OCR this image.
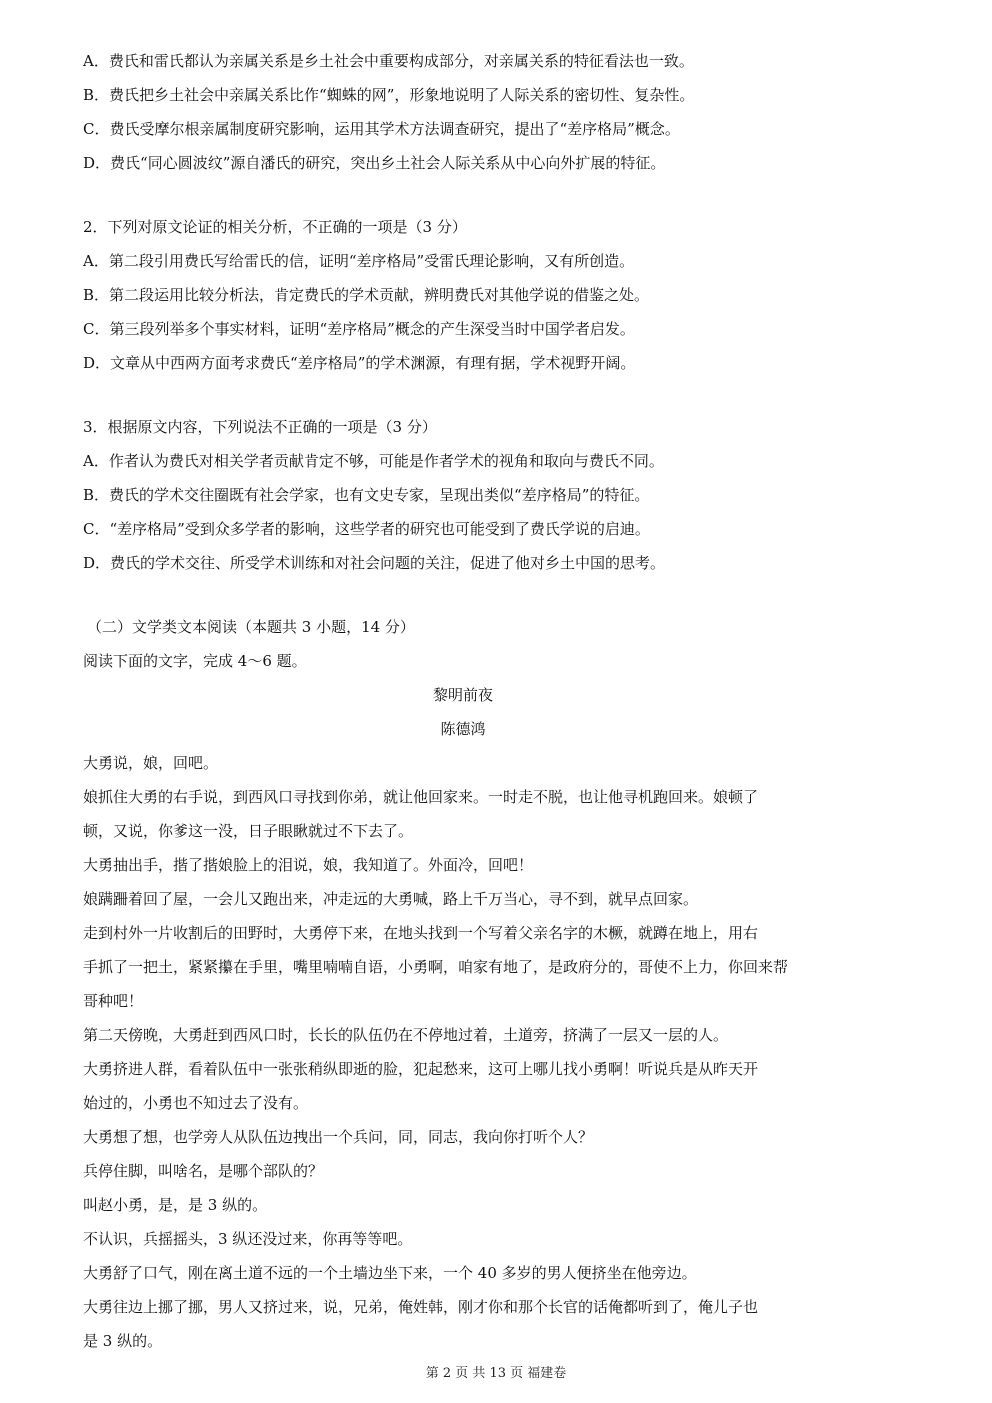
A．费氏和雷氏都认为亲属关系是乡土社会中重要构成部分，对亲属关系的特征看法也一致。
B．费氏把乡土社会中亲属关系比作“蜘蛛的网”，形象地说明了人际关系的密切性、复杂性。
C．费氏受摩尔根亲属制度研究影响，运用其学术方法调查研究，提出了“差序格局”概念。
D．费氏“同心圆波纹”源自潘氏的研究，突出乡土社会人际关系从中心向外扩展的特征。
2．下列对原文论证的相关分析，不正确的一项是（3 分）
A．第二段引用费氏写给雷氏的信，证明“差序格局”受雷氏理论影响，又有所创造。
B．第二段运用比较分析法，肯定费氏的学术贡献，辨明费氏对其他学说的借鉴之处。
C．第三段列举多个事实材料，证明“差序格局”概念的产生深受当时中国学者启发。
D．文章从中西两方面考求费氏“差序格局”的学术渊源，有理有据，学术视野开阔。
3．根据原文内容，下列说法不正确的一项是（3 分）
A．作者认为费氏对相关学者贡献肯定不够，可能是作者学术的视角和取向与费氏不同。
B．费氏的学术交往圈既有社会学家，也有文史专家，呈现出类似“差序格局”的特征。
C．“差序格局”受到众多学者的影响，这些学者的研究也可能受到了费氏学说的启迪。
D．费氏的学术交往、所受学术训练和对社会问题的关注，促进了他对乡土中国的思考。
（二）文学类文本阅读（本题共 3 小题，14 分）
阅读下面的文字，完成 4～6 题。
黎明前夜
陈德鸿
大勇说，娘，回吧。
娘抓住大勇的右手说，到西风口寻找到你弟，就让他回家来。一时走不脱，也让他寻机跑回来。娘顿了
顿，又说，你爹这一没，日子眼瞅就过不下去了。
大勇抽出手，揩了揩娘脸上的泪说，娘，我知道了。外面冷，回吧！
娘蹒跚着回了屋，一会儿又跑出来，冲走远的大勇喊，路上千万当心，寻不到，就早点回家。
走到村外一片收割后的田野时，大勇停下来，在地头找到一个写着父亲名字的木橛，就蹲在地上，用右
手抓了一把土，紧紧攥在手里，嘴里喃喃自语，小勇啊，咱家有地了，是政府分的，哥使不上力，你回来帮
哥种吧！
第二天傍晚，大勇赶到西风口时，长长的队伍仍在不停地过着，土道旁，挤满了一层又一层的人。
大勇挤进人群，看着队伍中一张张稍纵即逝的脸，犯起愁来，这可上哪儿找小勇啊！听说兵是从昨天开
始过的，小勇也不知过去了没有。
大勇想了想，也学旁人从队伍边拽出一个兵问，同，同志，我向你打听个人？
兵停住脚，叫啥名，是哪个部队的？
叫赵小勇，是，是 3 纵的。
不认识，兵摇摇头，3 纵还没过来，你再等等吧。
大勇舒了口气，刚在离土道不远的一个土墙边坐下来，一个 40 多岁的男人便挤坐在他旁边。
大勇往边上挪了挪，男人又挤过来，说，兄弟，俺姓韩，刚才你和那个长官的话俺都听到了，俺儿子也
是 3 纵的。
第 2 页 共 13 页 福建卷
